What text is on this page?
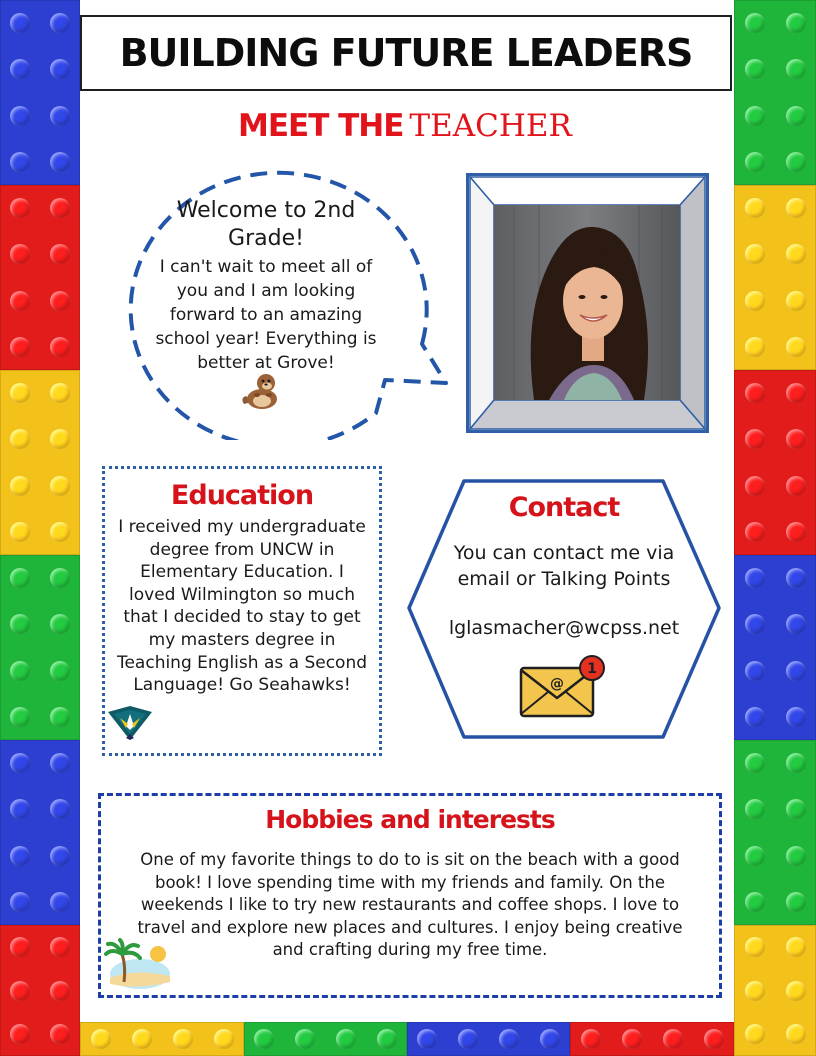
BUILDING FUTURE LEADERS
MEET THE TEACHER
Welcome to 2nd Grade!
I can't wait to meet all of you and I am looking forward to an amazing school year! Everything is better at Grove!
Education
I received my undergraduate degree from UNCW in Elementary Education. I loved Wilmington so much that I decided to stay to get my masters degree in Teaching English as a Second Language! Go Seahawks!
Contact
You can contact me via email or Talking Points
lglasmacher@wcpss.net
@
1
Hobbies and interests
One of my favorite things to do to is sit on the beach with a good book! I love spending time with my friends and family. On the weekends I like to try new restaurants and coffee shops. I love to travel and explore new places and cultures. I enjoy being creative and crafting during my free time.
